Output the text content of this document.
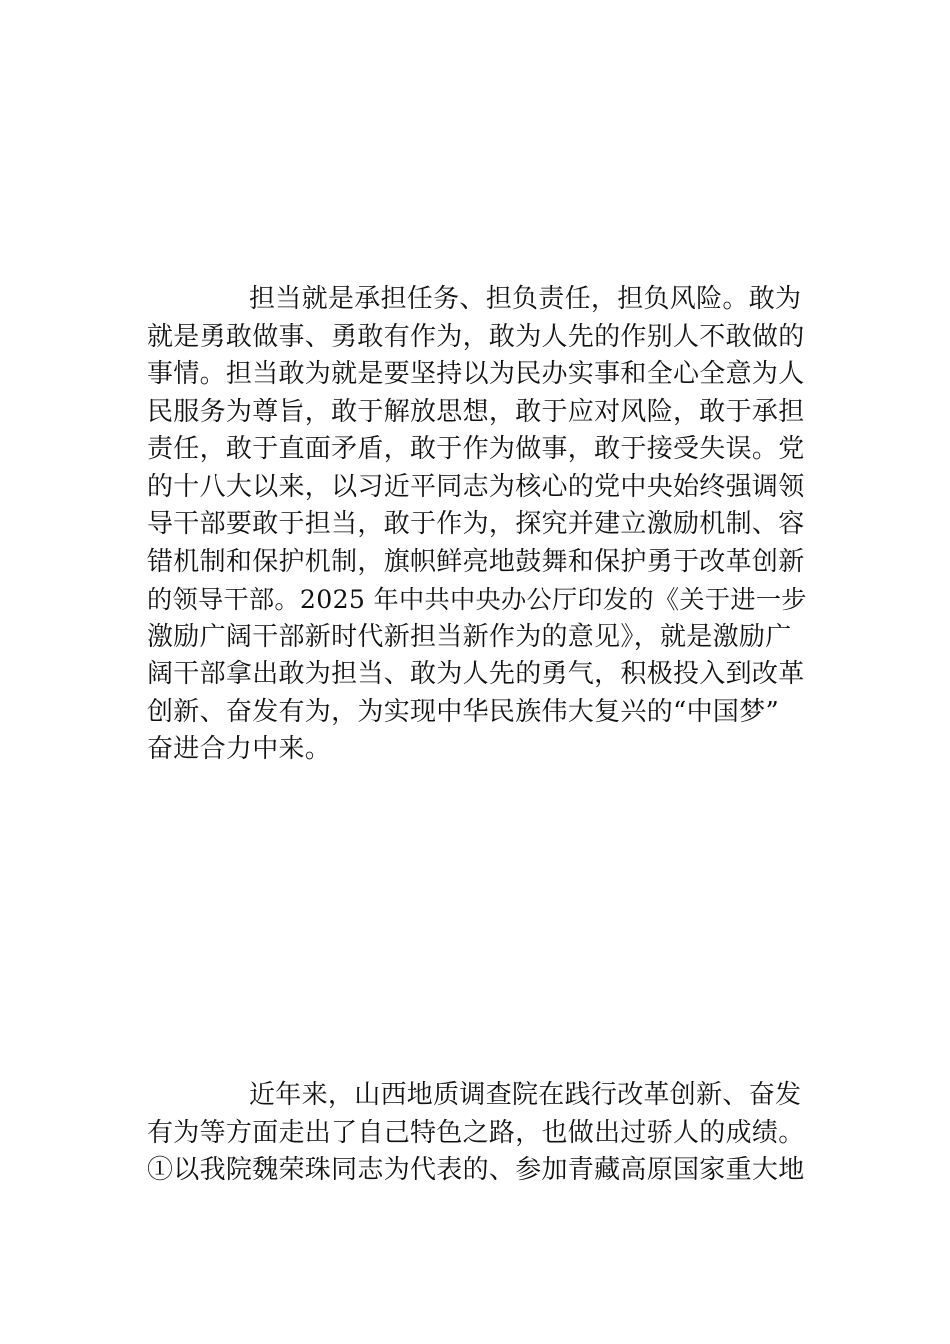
担当就是承担任务、担负责任，担负风险。敢为
就是勇敢做事、勇敢有作为，敢为人先的作别人不敢做的
事情。担当敢为就是要坚持以为民办实事和全心全意为人
民服务为尊旨，敢于解放思想，敢于应对风险，敢于承担
责任，敢于直面矛盾，敢于作为做事，敢于接受失误。党
的十八大以来，以习近平同志为核心的党中央始终强调领
导干部要敢于担当，敢于作为，探究并建立激励机制、容
错机制和保护机制，旗帜鲜亮地鼓舞和保护勇于改革创新
的领导干部。2025 年中共中央办公厅印发的《关于进一步
激励广阔干部新时代新担当新作为的意见》，就是激励广
阔干部拿出敢为担当、敢为人先的勇气，积极投入到改革
创新、奋发有为，为实现中华民族伟大复兴的“中国梦”
奋进合力中来。

近年来，山西地质调查院在践行改革创新、奋发
有为等方面走出了自己特色之路，也做出过骄人的成绩。
①以我院魏荣珠同志为代表的、参加青藏高原国家重大地
